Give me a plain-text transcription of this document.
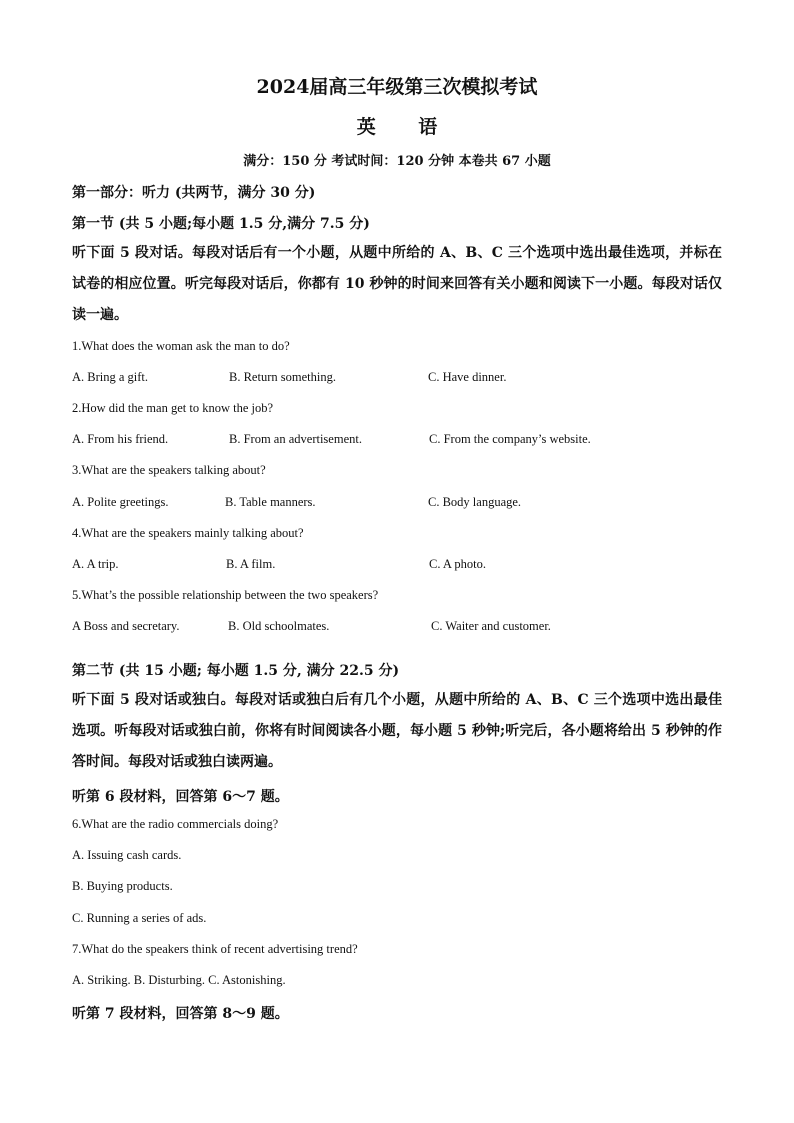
2024届高三年级第三次模拟考试
英 语
满分：150 分 考试时间：120 分钟 本卷共 67 小题
第一部分：听力 (共两节，满分 30 分)
第一节 (共 5 小题;每小题 1.5 分,满分 7.5 分)
听下面 5 段对话。每段对话后有一个小题，从题中所给的 A、B、C 三个选项中选出最佳选项，并标在试卷的相应位置。听完每段对话后，你都有 10 秒钟的时间来回答有关小题和阅读下一小题。每段对话仅读一遍。
1.What does the woman ask the man to do?
A. Bring a gift.	B. Return something.	C. Have dinner.
2.How did the man get to know the job?
A. From his friend.	B. From an advertisement.	C. From the company’s website.
3.What are the speakers talking about?
A. Polite greetings.	B. Table manners.	C. Body language.
4.What are the speakers mainly talking about?
A. A trip.	B. A film.	C. A photo.
5.What’s the possible relationship between the two speakers?
A Boss and secretary.	B. Old schoolmates.	C. Waiter and customer.
第二节 (共 15 小题; 每小题 1.5 分, 满分 22.5 分)
听下面 5 段对话或独白。每段对话或独白后有几个小题，从题中所给的 A、B、C 三个选项中选出最佳选项。听每段对话或独白前，你将有时间阅读各小题，每小题 5 秒钟;听完后，各小题将给出 5 秒钟的作答时间。每段对话或独白读两遍。
听第 6 段材料，回答第 6～7 题。
6.What are the radio commercials doing?
A. Issuing cash cards.
B. Buying products.
C. Running a series of ads.
7.What do the speakers think of recent advertising trend?
A. Striking. B. Disturbing. C. Astonishing.
听第 7 段材料，回答第 8～9 题。
